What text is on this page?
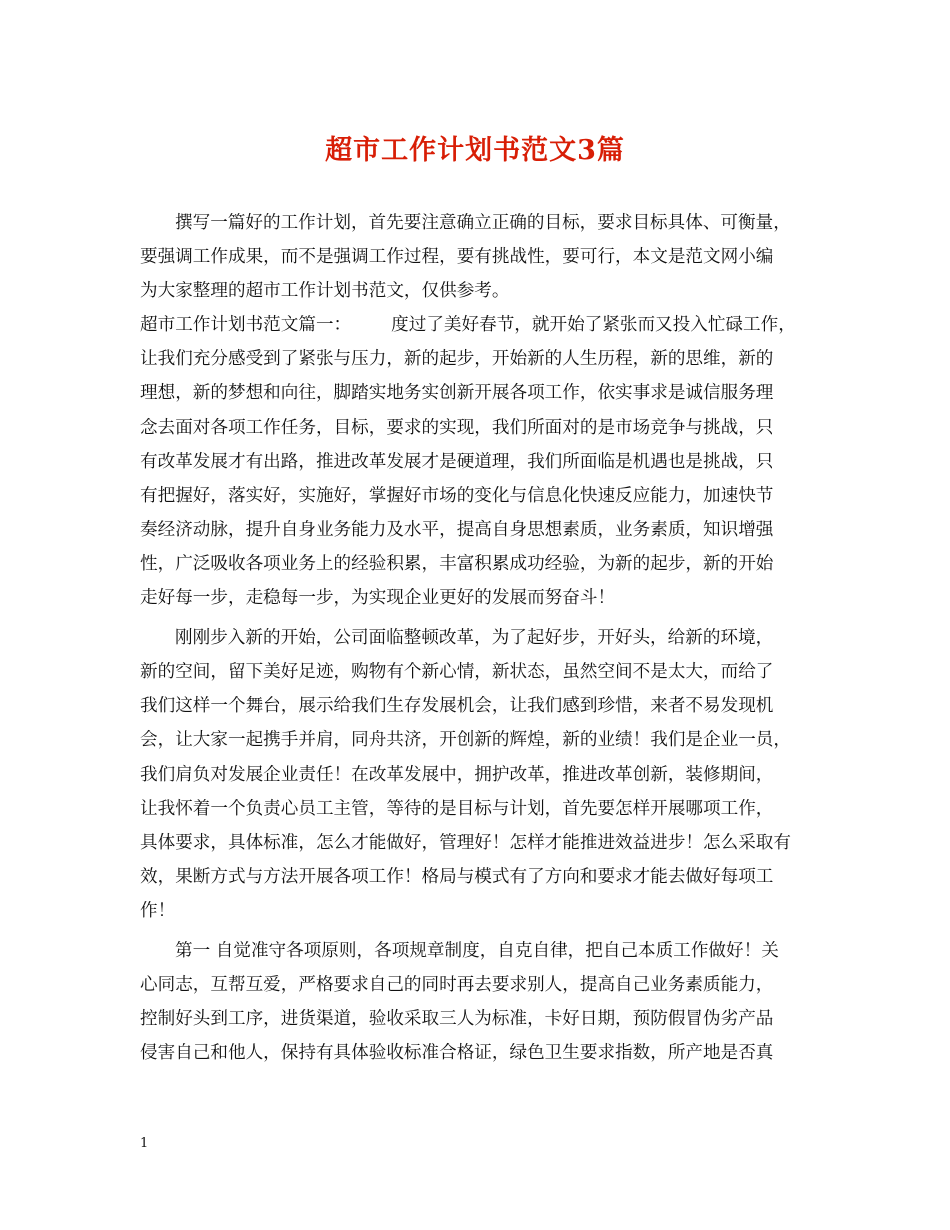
超市工作计划书范文3篇
撰写一篇好的工作计划，首先要注意确立正确的目标，要求目标具体、可衡量，
要强调工作成果，而不是强调工作过程，要有挑战性，要可行，本文是范文网小编
为大家整理的超市工作计划书范文，仅供参考。
超市工作计划书范文篇一： 度过了美好春节，就开始了紧张而又投入忙碌工作，
让我们充分感受到了紧张与压力，新的起步，开始新的人生历程，新的思维，新的
理想，新的梦想和向往，脚踏实地务实创新开展各项工作，依实事求是诚信服务理
念去面对各项工作任务，目标，要求的实现，我们所面对的是市场竞争与挑战，只
有改革发展才有出路，推进改革发展才是硬道理，我们所面临是机遇也是挑战，只
有把握好，落实好，实施好，掌握好市场的变化与信息化快速反应能力，加速快节
奏经济动脉，提升自身业务能力及水平，提高自身思想素质，业务素质，知识增强
性，广泛吸收各项业务上的经验积累，丰富积累成功经验，为新的起步，新的开始
走好每一步，走稳每一步，为实现企业更好的发展而努奋斗！
刚刚步入新的开始，公司面临整顿改革，为了起好步，开好头，给新的环境，
新的空间，留下美好足迹，购物有个新心情，新状态，虽然空间不是太大，而给了
我们这样一个舞台，展示给我们生存发展机会，让我们感到珍惜，来者不易发现机
会，让大家一起携手并肩，同舟共济，开创新的辉煌，新的业绩！我们是企业一员，
我们肩负对发展企业责任！在改革发展中，拥护改革，推进改革创新，装修期间，
让我怀着一个负责心员工主管，等待的是目标与计划，首先要怎样开展哪项工作，
具体要求，具体标准，怎么才能做好，管理好！怎样才能推进效益进步！怎么采取有
效，果断方式与方法开展各项工作！格局与模式有了方向和要求才能去做好每项工
作！
第一 自觉准守各项原则，各项规章制度，自克自律，把自己本质工作做好！关
心同志，互帮互爱，严格要求自己的同时再去要求别人，提高自己业务素质能力，
控制好头到工序，进货渠道，验收采取三人为标准，卡好日期，预防假冒伪劣产品
侵害自己和他人，保持有具体验收标准合格证，绿色卫生要求指数，所产地是否真
1
